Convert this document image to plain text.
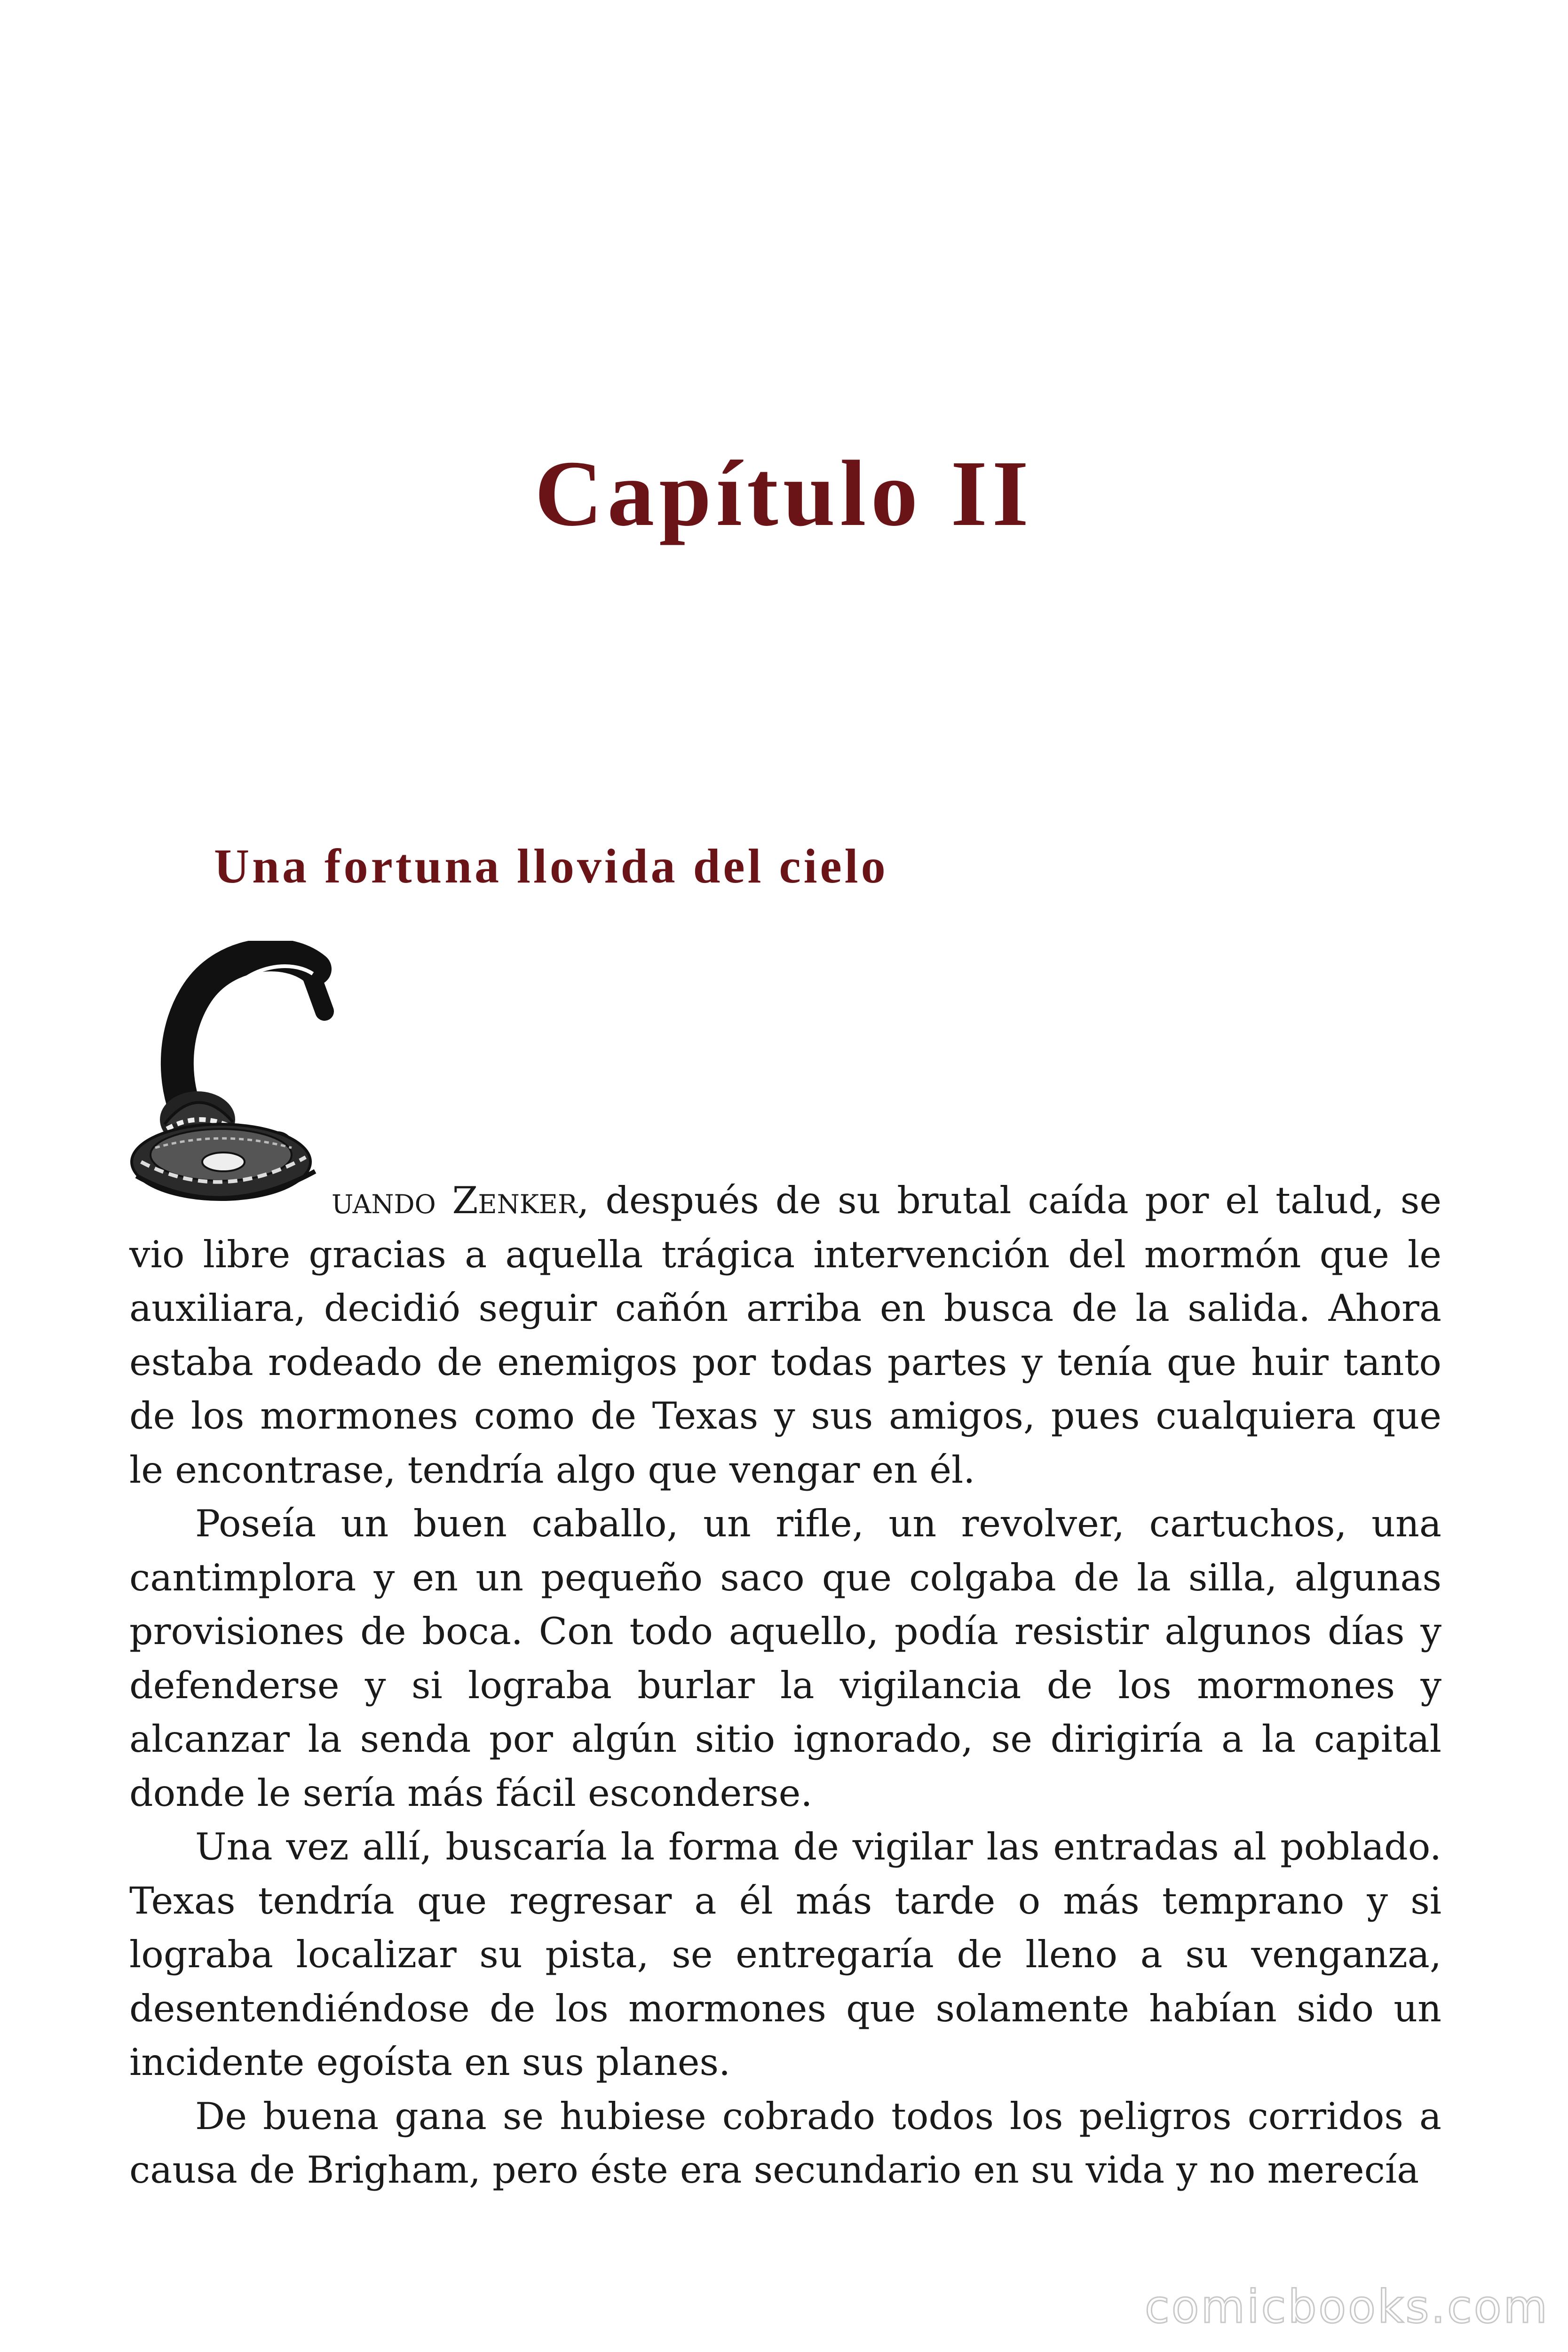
Capítulo II
Una fortuna llovida del cielo

uando Zenker, después de su brutal caída por el talud, se vio libre gracias a aquella trágica intervención del mormón que le auxiliara, decidió seguir cañón arriba en busca de la salida. Ahora estaba rodeado de enemigos por todas partes y tenía que huir tanto de los mormones como de Texas y sus amigos, pues cualquiera que le encontrase, tendría algo que vengar en él.

Poseía un buen caballo, un rifle, un revolver, cartuchos, una cantimplora y en un pequeño saco que colgaba de la silla, algunas provisiones de boca. Con todo aquello, podía resistir algunos días y defenderse y si lograba burlar la vigilancia de los mormones y alcanzar la senda por algún sitio ignorado, se dirigiría a la capital donde le sería más fácil esconderse.

Una vez allí, buscaría la forma de vigilar las entradas al poblado. Texas tendría que regresar a él más tarde o más temprano y si lograba localizar su pista, se entregaría de lleno a su venganza, desentendiéndose de los mormones que solamente habían sido un incidente egoísta en sus planes.

De buena gana se hubiese cobrado todos los peligros corridos a causa de Brigham, pero éste era secundario en su vida y no merecía

comicbooks.com
